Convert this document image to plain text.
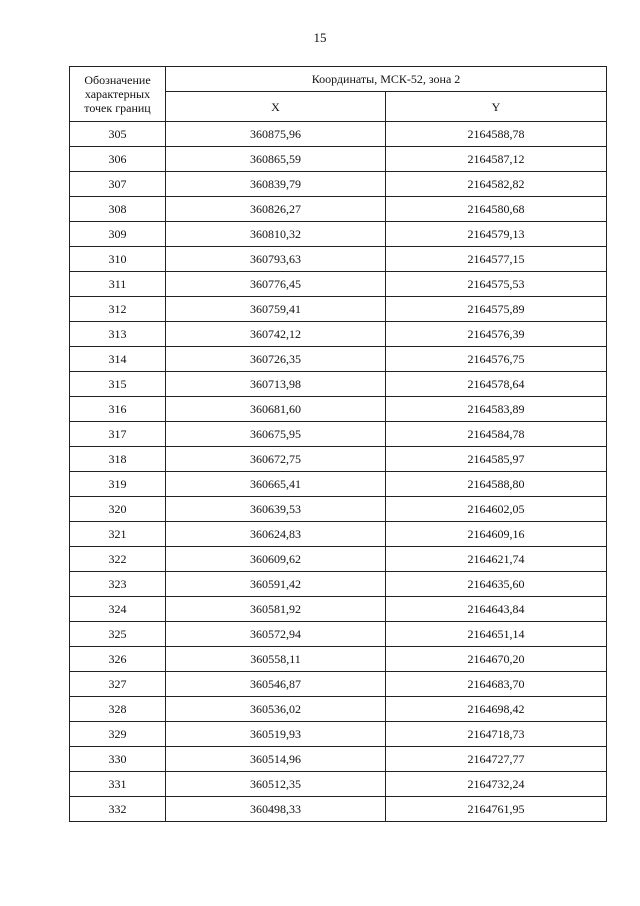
15
Обозначение
характерных
точек границ	Координаты, МСК-52, зона 2	
	X	Y
305	360875,96	2164588,78
306	360865,59	2164587,12
307	360839,79	2164582,82
308	360826,27	2164580,68
309	360810,32	2164579,13
310	360793,63	2164577,15
311	360776,45	2164575,53
312	360759,41	2164575,89
313	360742,12	2164576,39
314	360726,35	2164576,75
315	360713,98	2164578,64
316	360681,60	2164583,89
317	360675,95	2164584,78
318	360672,75	2164585,97
319	360665,41	2164588,80
320	360639,53	2164602,05
321	360624,83	2164609,16
322	360609,62	2164621,74
323	360591,42	2164635,60
324	360581,92	2164643,84
325	360572,94	2164651,14
326	360558,11	2164670,20
327	360546,87	2164683,70
328	360536,02	2164698,42
329	360519,93	2164718,73
330	360514,96	2164727,77
331	360512,35	2164732,24
332	360498,33	2164761,95
